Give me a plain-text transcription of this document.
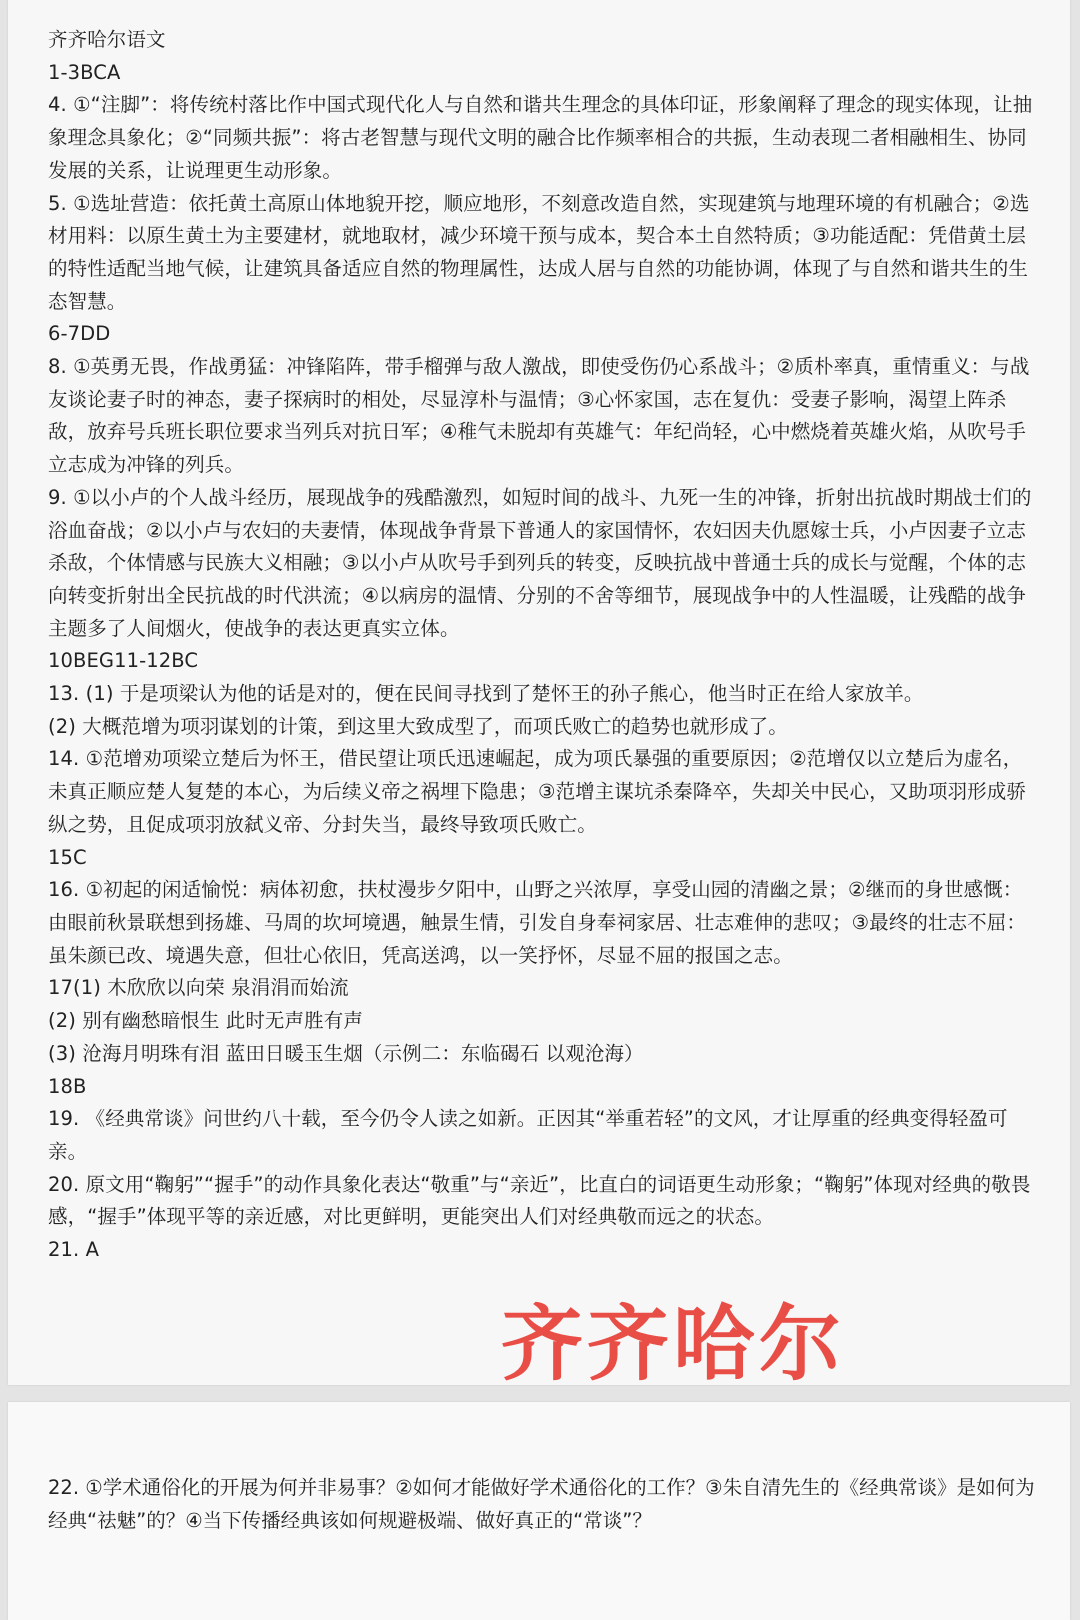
齐齐哈尔语文

1-3BCA

4. ①“注脚”：将传统村落比作中国式现代化人与自然和谐共生理念的具体印证，形象阐释了理念的现实体现，让抽象理念具象化；②“同频共振”：将古老智慧与现代文明的融合比作频率相合的共振，生动表现二者相融相生、协同发展的关系，让说理更生动形象。

5. ①选址营造：依托黄土高原山体地貌开挖，顺应地形，不刻意改造自然，实现建筑与地理环境的有机融合；②选材用料：以原生黄土为主要建材，就地取材，减少环境干预与成本，契合本土自然特质；③功能适配：凭借黄土层的特性适配当地气候，让建筑具备适应自然的物理属性，达成人居与自然的功能协调，体现了与自然和谐共生的生态智慧。

6-7DD

8. ①英勇无畏，作战勇猛：冲锋陷阵，带手榴弹与敌人激战，即使受伤仍心系战斗；②质朴率真，重情重义：与战友谈论妻子时的神态，妻子探病时的相处，尽显淳朴与温情；③心怀家国，志在复仇：受妻子影响，渴望上阵杀敌，放弃号兵班长职位要求当列兵对抗日军；④稚气未脱却有英雄气：年纪尚轻，心中燃烧着英雄火焰，从吹号手立志成为冲锋的列兵。

9. ①以小卢的个人战斗经历，展现战争的残酷激烈，如短时间的战斗、九死一生的冲锋，折射出抗战时期战士们的浴血奋战；②以小卢与农妇的夫妻情，体现战争背景下普通人的家国情怀，农妇因夫仇愿嫁士兵，小卢因妻子立志杀敌，个体情感与民族大义相融；③以小卢从吹号手到列兵的转变，反映抗战中普通士兵的成长与觉醒，个体的志向转变折射出全民抗战的时代洪流；④以病房的温情、分别的不舍等细节，展现战争中的人性温暖，让残酷的战争主题多了人间烟火，使战争的表达更真实立体。

10BEG11-12BC

13. (1) 于是项梁认为他的话是对的，便在民间寻找到了楚怀王的孙子熊心，他当时正在给人家放羊。

(2) 大概范增为项羽谋划的计策，到这里大致成型了，而项氏败亡的趋势也就形成了。

14. ①范增劝项梁立楚后为怀王，借民望让项氏迅速崛起，成为项氏暴强的重要原因；②范增仅以立楚后为虚名，未真正顺应楚人复楚的本心，为后续义帝之祸埋下隐患；③范增主谋坑杀秦降卒，失却关中民心，又助项羽形成骄纵之势，且促成项羽放弑义帝、分封失当，最终导致项氏败亡。

15C

16. ①初起的闲适愉悦：病体初愈，扶杖漫步夕阳中，山野之兴浓厚，享受山园的清幽之景；②继而的身世感慨：由眼前秋景联想到扬雄、马周的坎坷境遇，触景生情，引发自身奉祠家居、壮志难伸的悲叹；③最终的壮志不屈：虽朱颜已改、境遇失意，但壮心依旧，凭高送鸿，以一笑抒怀，尽显不屈的报国之志。

17(1) 木欣欣以向荣 泉涓涓而始流

(2) 别有幽愁暗恨生 此时无声胜有声

(3) 沧海月明珠有泪 蓝田日暖玉生烟（示例二：东临碣石 以观沧海）

18B

19. 《经典常谈》问世约八十载，至今仍令人读之如新。正因其“举重若轻”的文风，才让厚重的经典变得轻盈可亲。

20. 原文用“鞠躬”“握手”的动作具象化表达“敬重”与“亲近”，比直白的词语更生动形象；“鞠躬”体现对经典的敬畏感，“握手”体现平等的亲近感，对比更鲜明，更能突出人们对经典敬而远之的状态。

21. A

齐齐哈尔

22. ①学术通俗化的开展为何并非易事？②如何才能做好学术通俗化的工作？③朱自清先生的《经典常谈》是如何为经典“祛魅”的？④当下传播经典该如何规避极端、做好真正的“常谈”？
